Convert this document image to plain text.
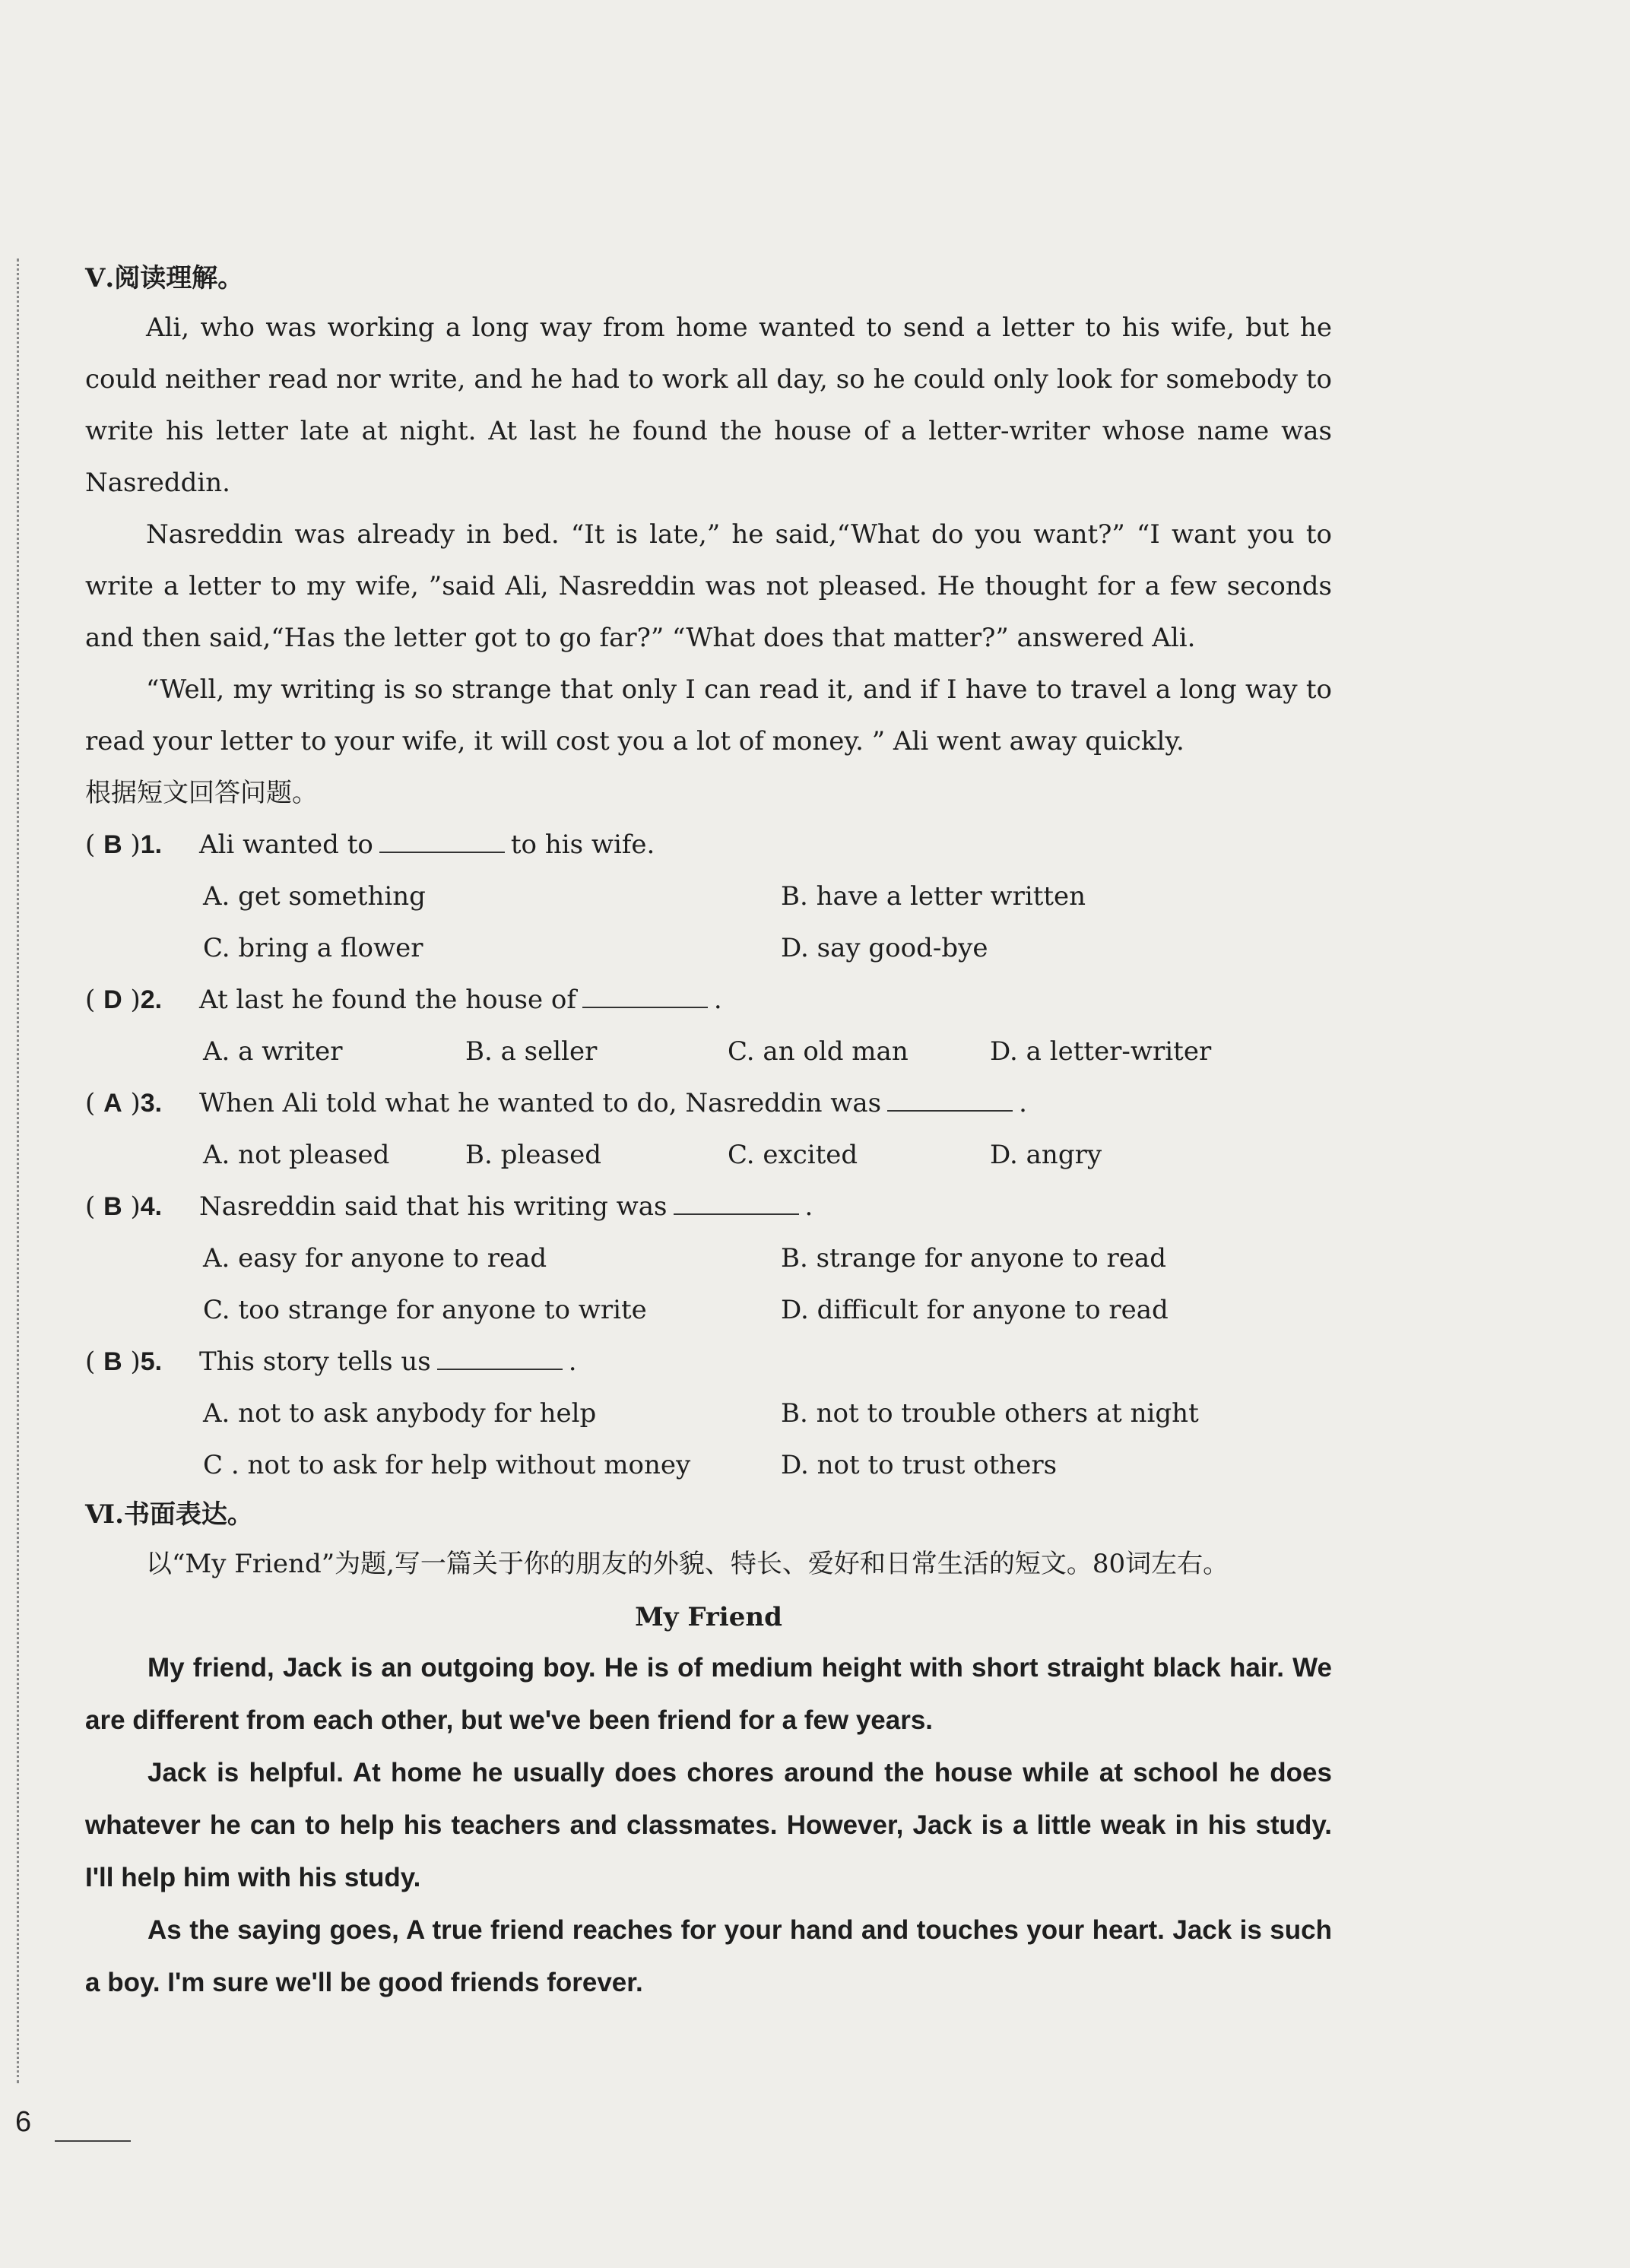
Ⅴ.阅读理解。

Ali, who was working a long way from home wanted to send a letter to his wife, but he could neither read nor write, and he had to work all day, so he could only look for somebody to write his letter late at night. At last he found the house of a letter-writer whose name was Nasreddin.

Nasreddin was already in bed. “It is late,” he said,“What do you want?” “I want you to write a letter to my wife, ”said Ali, Nasreddin was not pleased. He thought for a few seconds and then said,“Has the letter got to go far?” “What does that matter?” answered Ali.

“Well, my writing is so strange that only I can read it, and if I have to travel a long way to read your letter to your wife, it will cost you a lot of money. ” Ali went away quickly.

根据短文回答问题。
( B )1. Ali wanted to	to his wife.
A. get something	B. have a letter written
C. bring a flower	D. say good-bye
( D )2. At last he found the house of	.
A. a writer	B. a seller	C. an old man	D. a letter-writer
( A )3. When Ali told what he wanted to do, Nasreddin was	.
A. not pleased	B. pleased	C. excited	D. angry
( B )4. Nasreddin said that his writing was	.
A. easy for anyone to read	B. strange for anyone to read
C. too strange for anyone to write	D. difficult for anyone to read
( B )5. This story tells us	.
A. not to ask anybody for help	B. not to trouble others at night
C . not to ask for help without money	D. not to trust others
Ⅵ.书面表达。

以“My Friend”为题,写一篇关于你的朋友的外貌、特长、爱好和日常生活的短文。80词左右。

My Friend

My friend, Jack is an outgoing boy. He is of medium height with short straight black hair. We are different from each other, but we've been friend for a few years.

Jack is helpful. At home he usually does chores around the house while at school he does whatever he can to help his teachers and classmates. However, Jack is a little weak in his study. I'll help him with his study.

As the saying goes, A true friend reaches for your hand and touches your heart. Jack is such a boy. I'm sure we'll be good friends forever.

6
